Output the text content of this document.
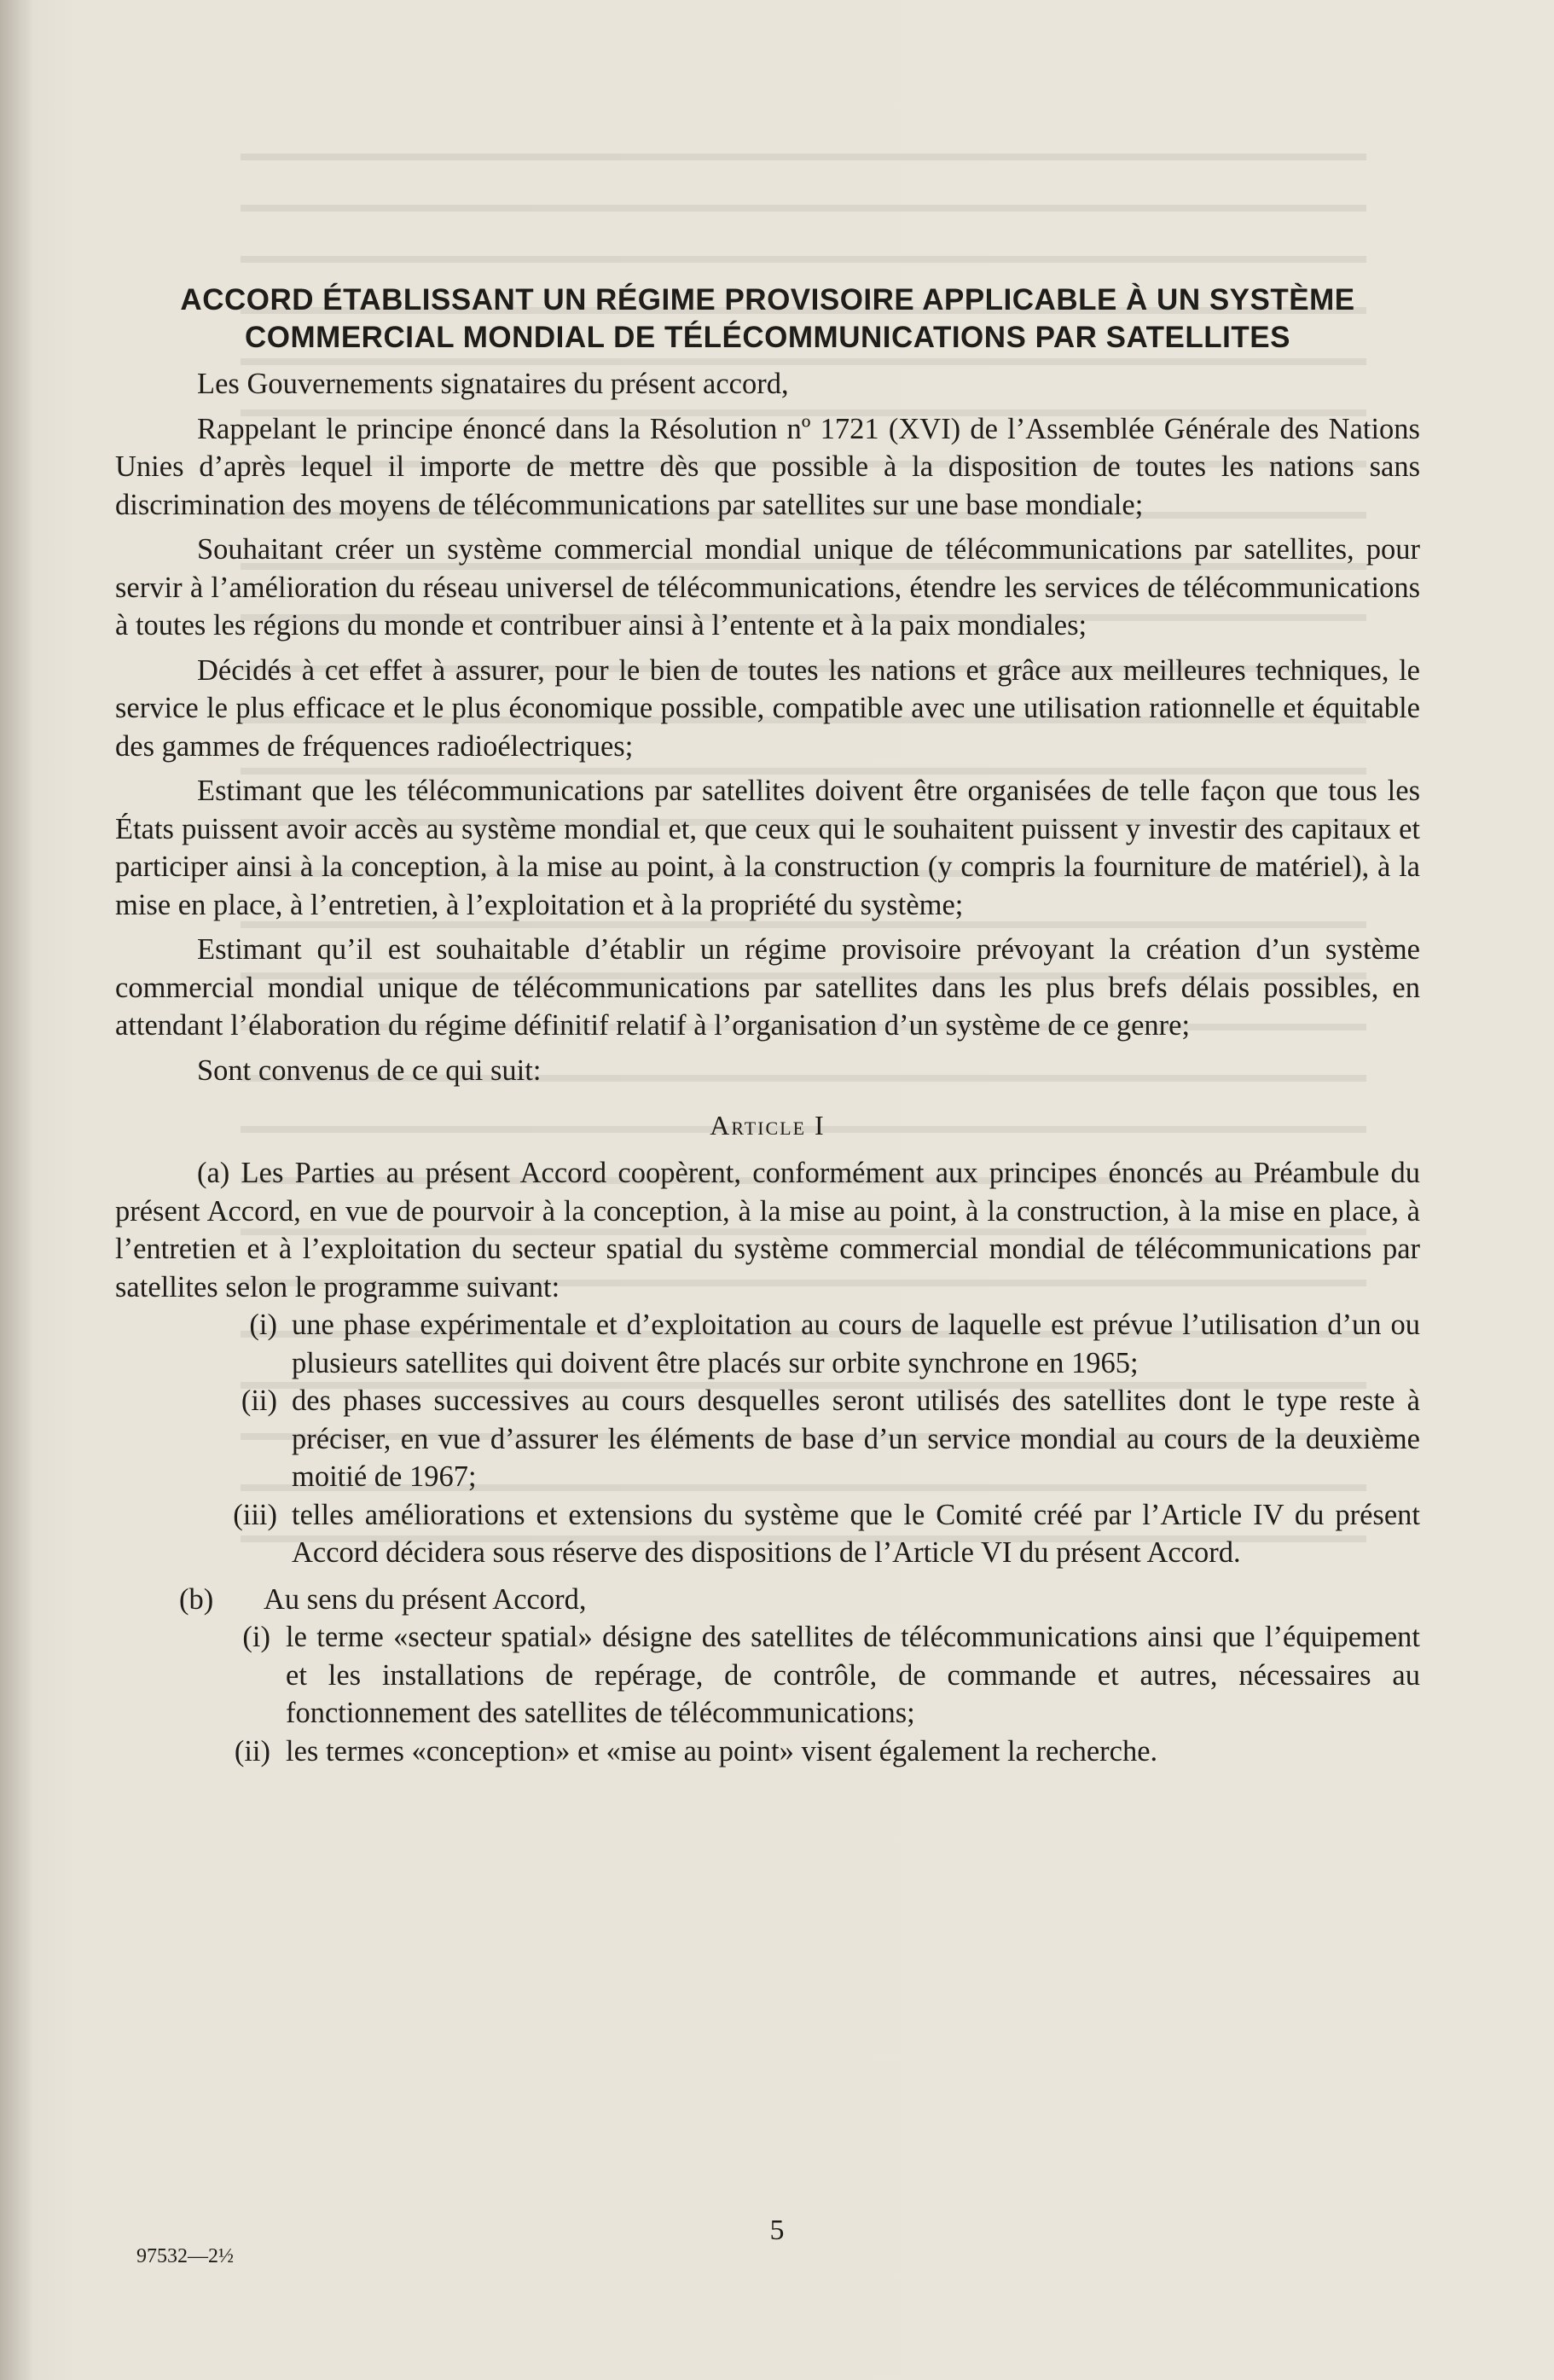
ACCORD ÉTABLISSANT UN RÉGIME PROVISOIRE APPLICABLE À UN SYSTÈME
COMMERCIAL MONDIAL DE TÉLÉCOMMUNICATIONS PAR SATELLITES

Les Gouvernements signataires du présent accord,

Rappelant le principe énoncé dans la Résolution nº 1721 (XVI) de l’Assemblée Générale des Nations Unies d’après lequel il importe de mettre dès que possible à la disposition de toutes les nations sans discrimination des moyens de télécommunications par satellites sur une base mondiale;

Souhaitant créer un système commercial mondial unique de télécommunications par satellites, pour servir à l’amélioration du réseau universel de télécommunications, étendre les services de télécommunications à toutes les régions du monde et contribuer ainsi à l’entente et à la paix mondiales;

Décidés à cet effet à assurer, pour le bien de toutes les nations et grâce aux meilleures techniques, le service le plus efficace et le plus économique possible, compatible avec une utilisation rationnelle et équitable des gammes de fréquences radioélectriques;

Estimant que les télécommunications par satellites doivent être organisées de telle façon que tous les États puissent avoir accès au système mondial et, que ceux qui le souhaitent puissent y investir des capitaux et participer ainsi à la conception, à la mise au point, à la construction (y compris la fourniture de matériel), à la mise en place, à l’entretien, à l’exploitation et à la propriété du système;

Estimant qu’il est souhaitable d’établir un régime provisoire prévoyant la création d’un système commercial mondial unique de télécommunications par satellites dans les plus brefs délais possibles, en attendant l’élaboration du régime définitif relatif à l’organisation d’un système de ce genre;

Sont convenus de ce qui suit:

Article I

(a) Les Parties au présent Accord coopèrent, conformément aux principes énoncés au Préambule du présent Accord, en vue de pourvoir à la conception, à la mise au point, à la construction, à la mise en place, à l’entretien et à l’exploitation du secteur spatial du système commercial mondial de télécommunications par satellites selon le programme suivant:

(i) une phase expérimentale et d’exploitation au cours de laquelle est prévue l’utilisation d’un ou plusieurs satellites qui doivent être placés sur orbite synchrone en 1965;
(ii) des phases successives au cours desquelles seront utilisés des satellites dont le type reste à préciser, en vue d’assurer les éléments de base d’un service mondial au cours de la deuxième moitié de 1967;
(iii) telles améliorations et extensions du système que le Comité créé par l’Article IV du présent Accord décidera sous réserve des dispositions de l’Article VI du présent Accord.
(b)	Au sens du présent Accord,
(i) le terme «secteur spatial» désigne des satellites de télécommunications ainsi que l’équipement et les installations de repérage, de contrôle, de commande et autres, nécessaires au fonctionnement des satellites de télécommunications;
(ii) les termes «conception» et «mise au point» visent également la recherche.
5
97532—2½
